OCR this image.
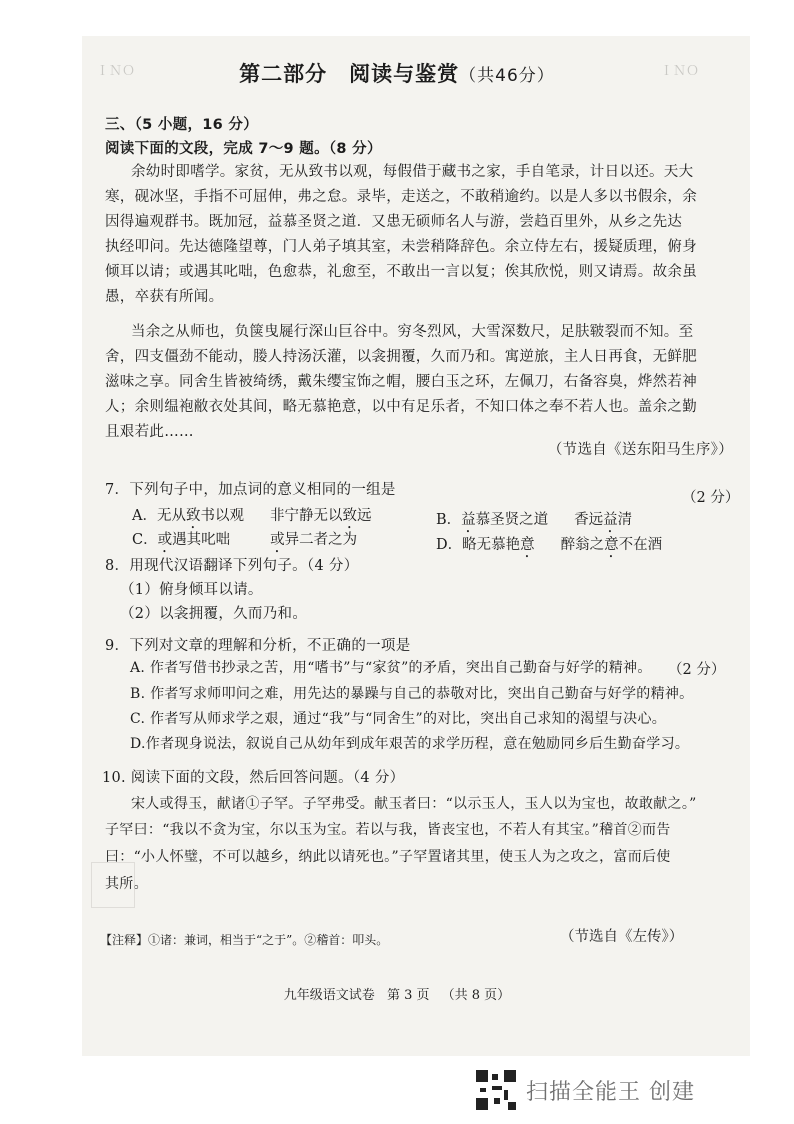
ＩＮＯ	ＩＮＯ
第二部分　阅读与鉴赏（共46分）
三、（5 小题，16 分）
阅读下面的文段，完成 7～9 题。（8 分）
余幼时即嗜学。家贫，无从致书以观，每假借于藏书之家，手自笔录，计日以还。天大
寒，砚冰坚，手指不可屈伸，弗之怠。录毕，走送之，不敢稍逾约。以是人多以书假余，余
因得遍观群书。既加冠，益慕圣贤之道．又患无硕师名人与游，尝趋百里外，从乡之先达
执经叩问。先达德隆望尊，门人弟子填其室，未尝稍降辞色。余立侍左右，援疑质理，俯身
倾耳以请；或遇其叱咄，色愈恭，礼愈至，不敢出一言以复；俟其欣悦，则又请焉。故余虽
愚，卒获有所闻。
当余之从师也，负箧曳屣行深山巨谷中。穷冬烈风，大雪深数尺，足肤皲裂而不知。至
舍，四支僵劲不能动，媵人持汤沃灌，以衾拥覆，久而乃和。寓逆旅，主人日再食，无鲜肥
滋味之享。同舍生皆被绮绣，戴朱缨宝饰之帽，腰白玉之环，左佩刀，右备容臭，烨然若神
人；余则缊袍敝衣处其间，略无慕艳意，以中有足乐者，不知口体之奉不若人也。盖余之勤
且艰若此……
（节选自《送东阳马生序》）
7．下列句子中，加点词的意义相同的一组是	（2 分）
A．无从致书以观 非宁静无以致远	B．益慕圣贤之道 香远益清
C．或遇其叱咄	或异二者之为	D．略无慕艳意 醉翁之意不在酒
8．用现代汉语翻译下列句子。（4 分）
（1）俯身倾耳以请。
（2）以衾拥覆，久而乃和。
9．下列对文章的理解和分析，不正确的一项是
（2 分）
A. 作者写借书抄录之苦，用“嗜书”与“家贫”的矛盾，突出自己勤奋与好学的精神。
B. 作者写求师叩问之难，用先达的暴躁与自己的恭敬对比，突出自己勤奋与好学的精神。
C. 作者写从师求学之艰，通过“我”与“同舍生”的对比，突出自己求知的渴望与决心。
D.作者现身说法，叙说自己从幼年到成年艰苦的求学历程，意在勉励同乡后生勤奋学习。
10. 阅读下面的文段，然后回答问题。（4 分）
宋人或得玉，献诸①子罕。子罕弗受。献玉者曰：“以示玉人，玉人以为宝也，故敢献之。”
子罕曰：“我以不贪为宝，尔以玉为宝。若以与我，皆丧宝也，不若人有其宝。”稽首②而告
曰：“小人怀璧，不可以越乡，纳此以请死也。”子罕置诸其里，使玉人为之攻之，富而后使
其所。
（节选自《左传》）
【注释】①诸：兼词，相当于“之于”。②稽首：叩头。
九年级语文试卷 第 3 页 （共 8 页）
扫描全能王 创建
